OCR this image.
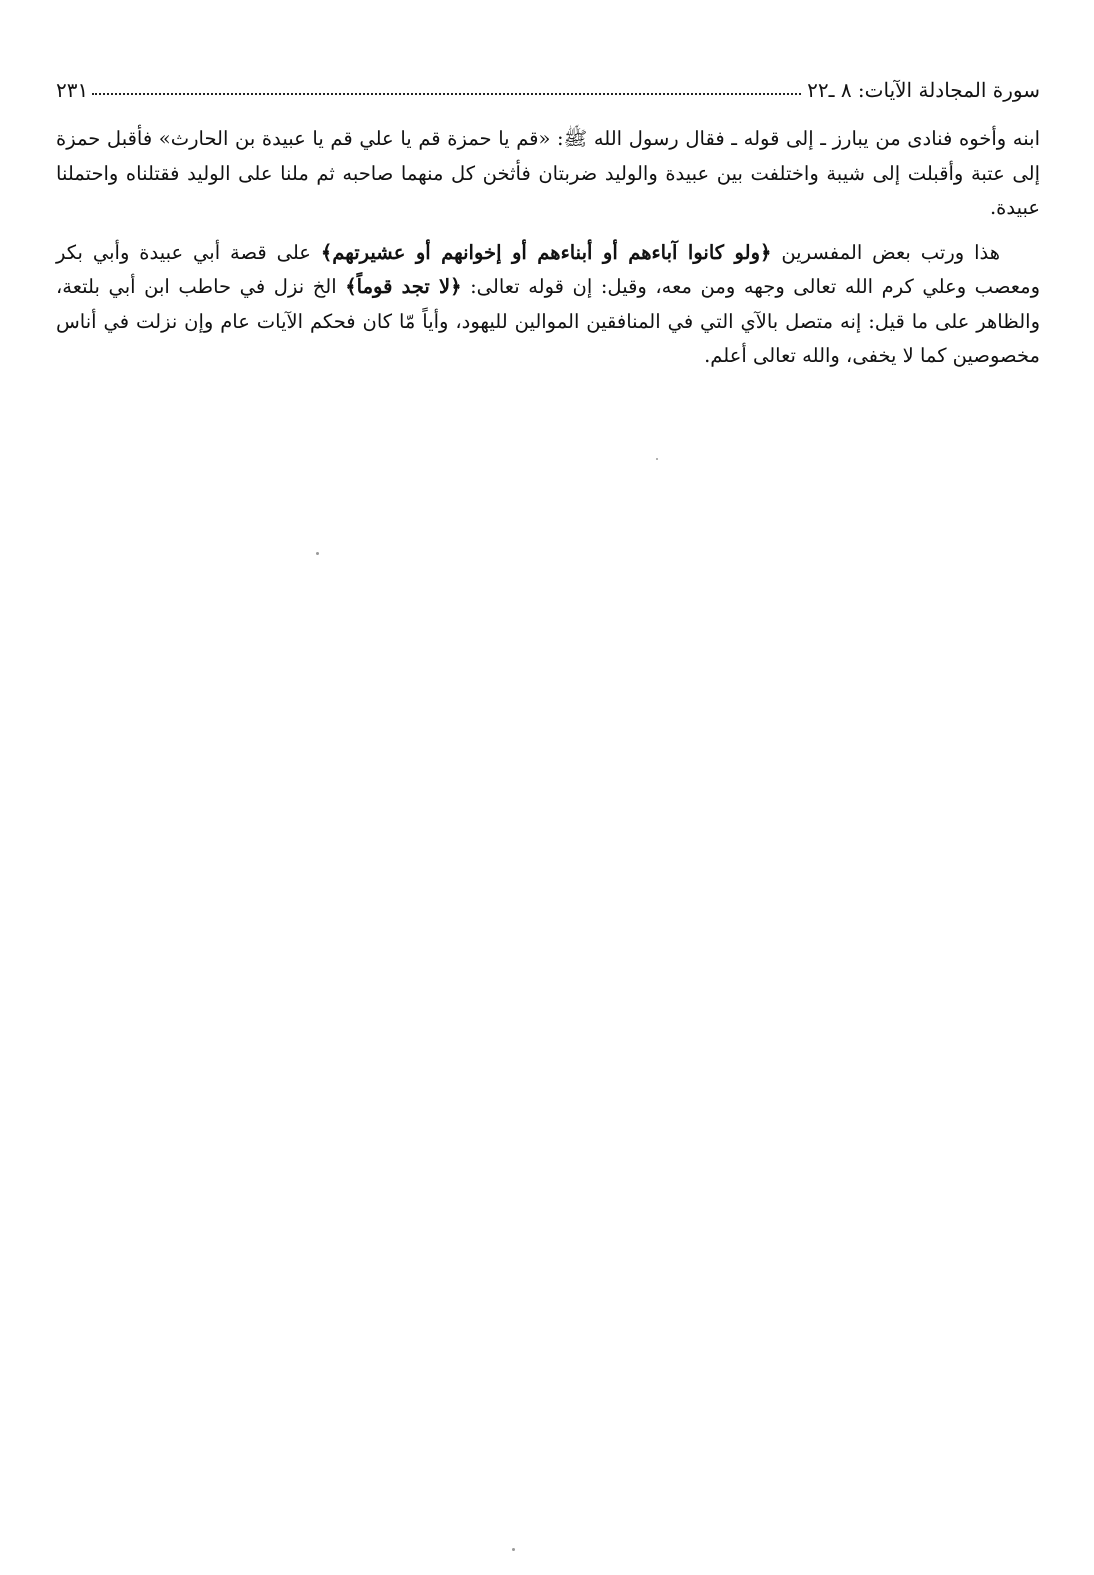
سورة المجادلة الآيات: ٨ ـ٢٢
٢٣١

ابنه وأخوه فنادى من يبارز ـ إلى قوله ـ فقال رسول الله ﷺ: «قم يا حمزة قم يا علي قم يا عبيدة بن الحارث» فأقبل حمزة إلى عتبة وأقبلت إلى شيبة واختلفت بين عبيدة والوليد ضربتان فأثخن كل منهما صاحبه ثم ملنا على الوليد فقتلناه واحتملنا عبيدة.

هذا ورتب بعض المفسرين ﴿ولو كانوا آباءهم أو أبناءهم أو إخوانهم أو عشيرتهم﴾ على قصة أبي عبيدة وأبي بكر ومعصب وعلي كرم الله تعالى وجهه ومن معه، وقيل: إن قوله تعالى: ﴿لا تجد قوماً﴾ الخ نزل في حاطب ابن أبي بلتعة، والظاهر على ما قيل: إنه متصل بالآي التي في المنافقين الموالين لليهود، وأياً مّا كان فحكم الآيات عام وإن نزلت في أناس مخصوصين كما لا يخفى، والله تعالى أعلم.
